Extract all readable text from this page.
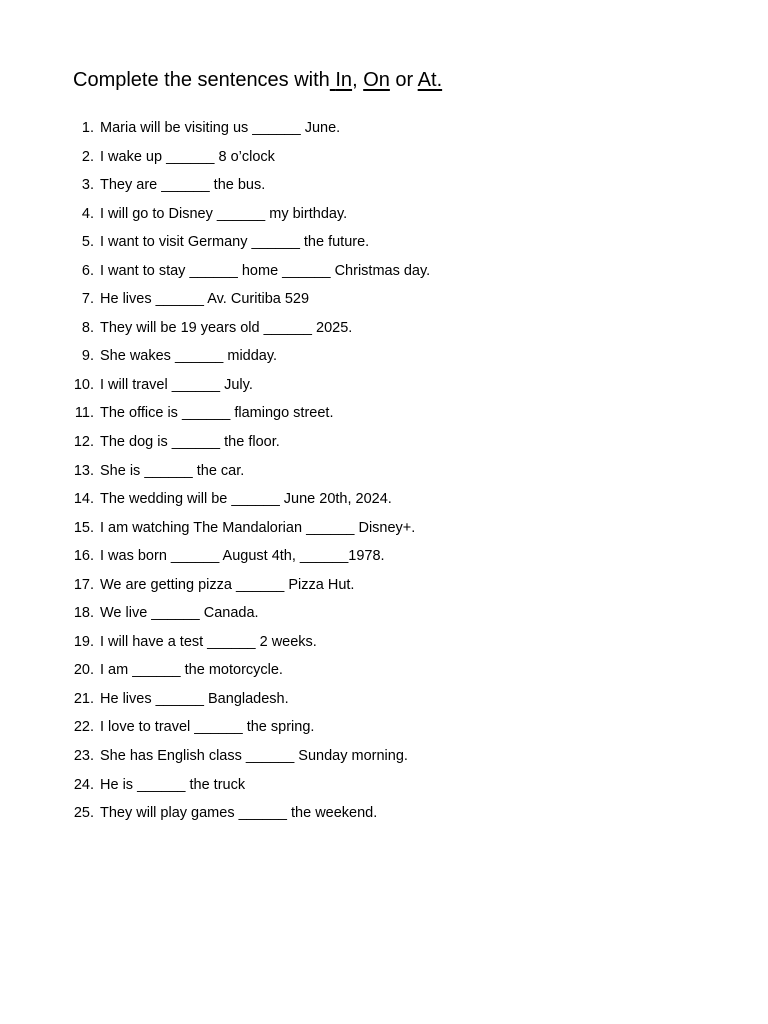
Complete the sentences with In, On or At.
1. Maria will be visiting us ______ June.
2. I wake up ______ 8 o’clock
3. They are ______ the bus.
4. I will go to Disney ______ my birthday.
5. I want to visit Germany ______ the future.
6. I want to stay ______ home ______ Christmas day.
7. He lives ______ Av. Curitiba 529
8. They will be 19 years old ______ 2025.
9. She wakes ______ midday.
10. I will travel ______ July.
11. The office is ______ flamingo street.
12. The dog is ______ the floor.
13. She is ______ the car.
14. The wedding will be ______ June 20th, 2024.
15. I am watching The Mandalorian ______ Disney+.
16. I was born ______ August 4th, ______1978.
17. We are getting pizza ______ Pizza Hut.
18. We live ______ Canada.
19. I will have a test ______ 2 weeks.
20. I am ______ the motorcycle.
21. He lives ______ Bangladesh.
22. I love to travel ______ the spring.
23. She has English class ______ Sunday morning.
24. He is ______ the truck
25. They will play games ______ the weekend.
